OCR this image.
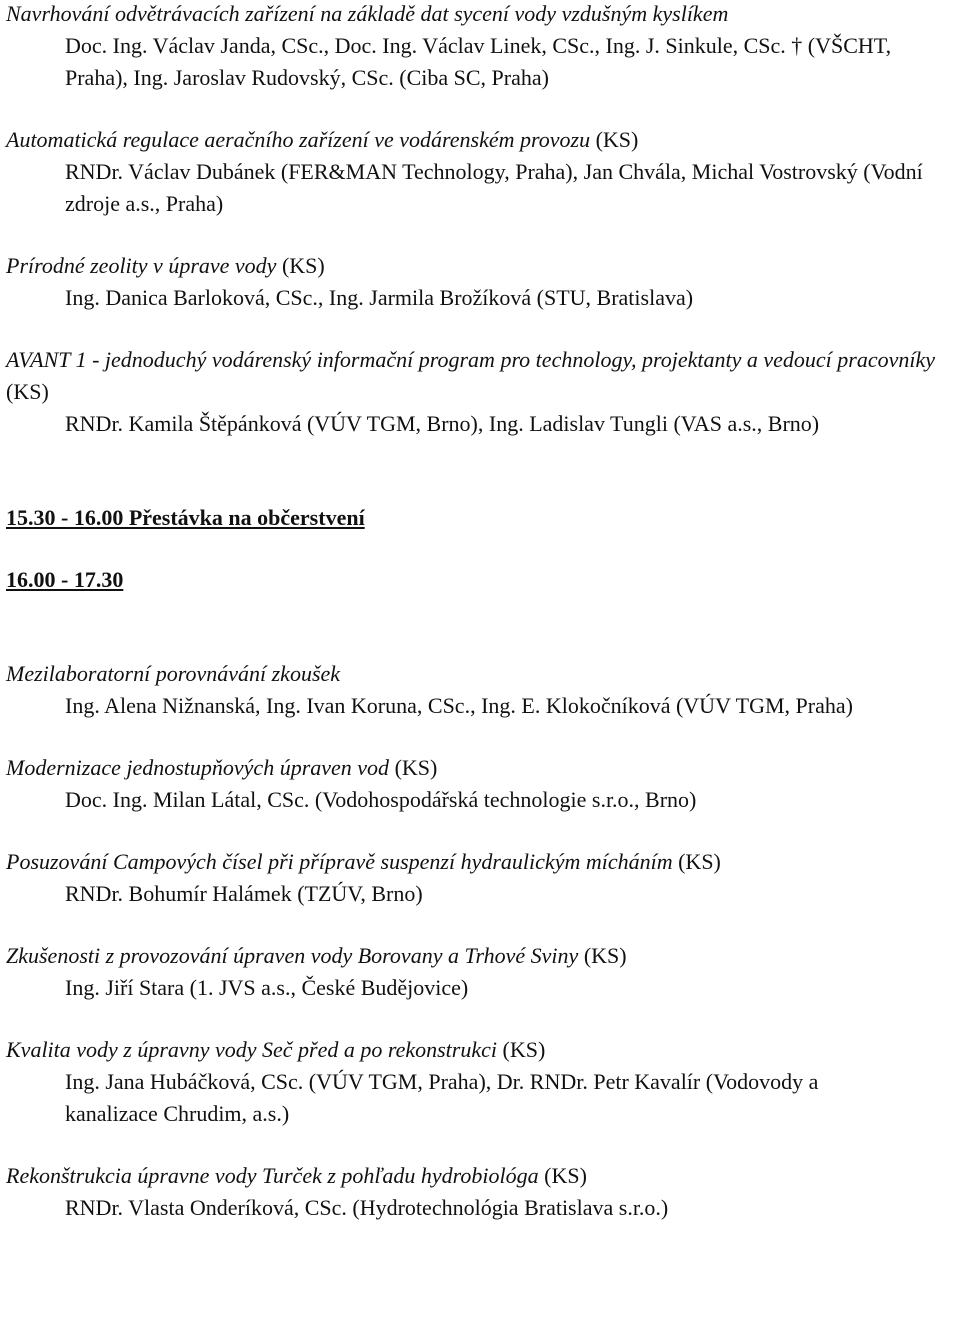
Navrhování odvětrávacích zařízení na základě dat sycení vody vzdušným kyslíkem

Doc. Ing. Václav Janda, CSc., Doc. Ing. Václav Linek, CSc., Ing. J. Sinkule, CSc. † (VŠCHT, Praha), Ing. Jaroslav Rudovský, CSc. (Ciba SC, Praha)

Automatická regulace aeračního zařízení ve vodárenském provozu (KS)

RNDr. Václav Dubánek (FER&MAN Technology, Praha), Jan Chvála, Michal Vostrovský (Vodní zdroje a.s., Praha)

Prírodné zeolity v úprave vody (KS)

Ing. Danica Barloková, CSc., Ing. Jarmila Brožíková (STU, Bratislava)

AVANT 1 - jednoduchý vodárenský informační program pro technology, projektanty a vedoucí pracovníky (KS)

RNDr. Kamila Štěpánková (VÚV TGM, Brno), Ing. Ladislav Tungli (VAS a.s., Brno)

15.30 - 16.00 Přestávka na občerstvení

16.00 - 17.30

Mezilaboratorní porovnávání zkoušek

Ing. Alena Nižnanská, Ing. Ivan Koruna, CSc., Ing. E. Klokočníková (VÚV TGM, Praha)

Modernizace jednostupňových úpraven vod (KS)

Doc. Ing. Milan Látal, CSc. (Vodohospodářská technologie s.r.o., Brno)

Posuzování Campových čísel při přípravě suspenzí hydraulickým mícháním (KS)

RNDr. Bohumír Halámek (TZÚV, Brno)

Zkušenosti z provozování úpraven vody Borovany a Trhové Sviny (KS)

Ing. Jiří Stara (1. JVS a.s., České Budějovice)

Kvalita vody z úpravny vody Seč před a po rekonstrukci (KS)

Ing. Jana Hubáčková, CSc. (VÚV TGM, Praha), Dr. RNDr. Petr Kavalír (Vodovody a kanalizace Chrudim, a.s.)

Rekonštrukcia úpravne vody Turček z pohľadu hydrobiológa (KS)

RNDr. Vlasta Onderíková, CSc. (Hydrotechnológia Bratislava s.r.o.)
